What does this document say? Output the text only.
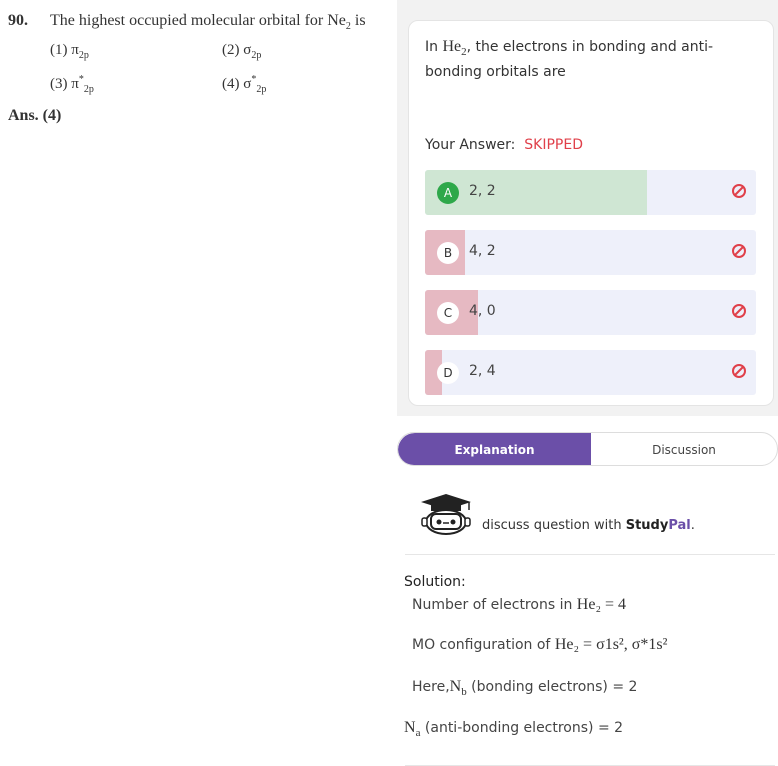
90. The highest occupied molecular orbital for $Ne_2$ is
(1) $\pi_{2p}$	(2) $\sigma_{2p}$
(3) $\pi^*_{2p}$	(4) $\sigma^*_{2p}$
Ans. (4)
In $He_2$, the electrons in bonding and anti-bonding orbitals are
Your Answer: SKIPPED
A	2, 2
B	4, 2
C	4, 0
D	2, 4
Explanation	Discussion
discuss question with StudyPal.
Solution:
Number of electrons in He₂ = 4
MO configuration of He₂ = σ1s², σ*1s²
$Here,N_b$ (bonding electrons) = 2
$N_a$ (anti-bonding electrons) = 2
